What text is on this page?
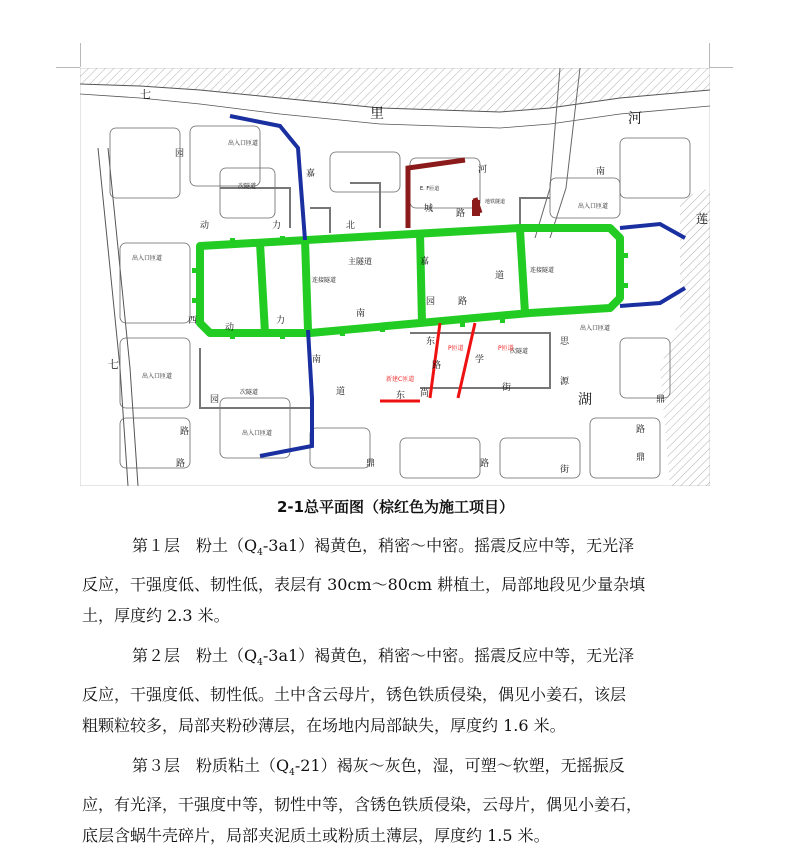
七
七
里	河
湖
主隧道
连接隧道
连接隧道
次隧道
次隧道
次隧道
出入口匝道
出入口匝道
出入口匝道
出入口匝道
出入口匝道
出入口匝道
E. F匝道
地铁隧道
P匝道	P匝道
新建C匝道
园
动	力	北
西
动
力
南
园	路
东
路
学
街
南
鼎	路
东
嘉
嘉
莲
思
源
鼎
园
路
路
道
路
河	南
街
道
城
尚
鼎
路
2-1总平面图（棕红色为施工项目）
第１层　粉土$(Q_4-3a1)$褐黄色，稍密～中密。摇震反应中等，无光泽
反应，干强度低、韧性低，表层有 30cm～80cm 耕植土，局部地段见少量杂填
土，厚度约 2.3 米。
第２层　粉土$(Q_4-3a1)$褐黄色，稍密～中密。摇震反应中等，无光泽
反应，干强度低、韧性低。土中含云母片，锈色铁质侵染，偶见小姜石，该层
粗颗粒较多，局部夹粉砂薄层，在场地内局部缺失，厚度约 1.6 米。
第３层　粉质粘土$(Q_4-21)$褐灰～灰色，湿，可塑～软塑，无摇振反
应，有光泽，干强度中等，韧性中等，含锈色铁质侵染，云母片，偶见小姜石，
底层含蜗牛壳碎片，局部夹泥质土或粉质土薄层，厚度约 1.5 米。
